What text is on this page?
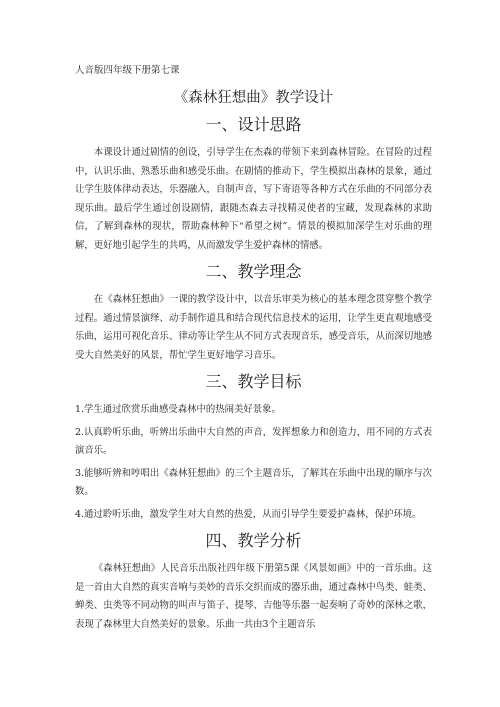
人音版四年级下册第七课
《森林狂想曲》教学设计
一、设计思路

本课设计通过剧情的创设，引导学生在杰森的带领下来到森林冒险。在冒险的过程中，认识乐曲、熟悉乐曲和感受乐曲。在剧情的推动下，学生模拟出森林的景象，通过让学生肢体律动表达，乐器融入，自制声音，写下寄语等各种方式在乐曲的不同部分表现乐曲。最后学生通过创设剧情，跟随杰森去寻找精灵使者的宝藏，发现森林的求助信，了解到森林的现状，帮助森林种下“希望之树”。情景的模拟加深学生对乐曲的理解，更好地引起学生的共鸣，从而激发学生爱护森林的情感。

二、教学理念

在《森林狂想曲》一课的教学设计中，以音乐审美为核心的基本理念贯穿整个教学过程。通过情景演绎、动手制作道具和结合现代信息技术的运用，让学生更直观地感受乐曲，运用可视化音乐、律动等让学生从不同方式表现音乐，感受音乐，从而深切地感受大自然美好的风景，帮忙学生更好地学习音乐。

三、教学目标
1.学生通过欣赏乐曲感受森林中的热闹美好景象。
2.认真聆听乐曲，听辨出乐曲中大自然的声音，发挥想象力和创造力，用不同的方式表演音乐。
3.能够听辨和哼唱出《森林狂想曲》的三个主题音乐，了解其在乐曲中出现的顺序与次数。
4.通过聆听乐曲，激发学生对大自然的热爱，从而引导学生要爱护森林，保护环境。
四、教学分析

《森林狂想曲》人民音乐出版社四年级下册第5课《风景如画》中的一首乐曲。这是一首由大自然的真实音响与美妙的音乐交织而成的器乐曲，通过森林中鸟类、蛙类、蝉类、虫类等不同动物的叫声与笛子、提琴、吉他等乐器一起奏响了奇妙的深林之歌，表现了森林里大自然美好的景象。乐曲一共由3个主题音乐
